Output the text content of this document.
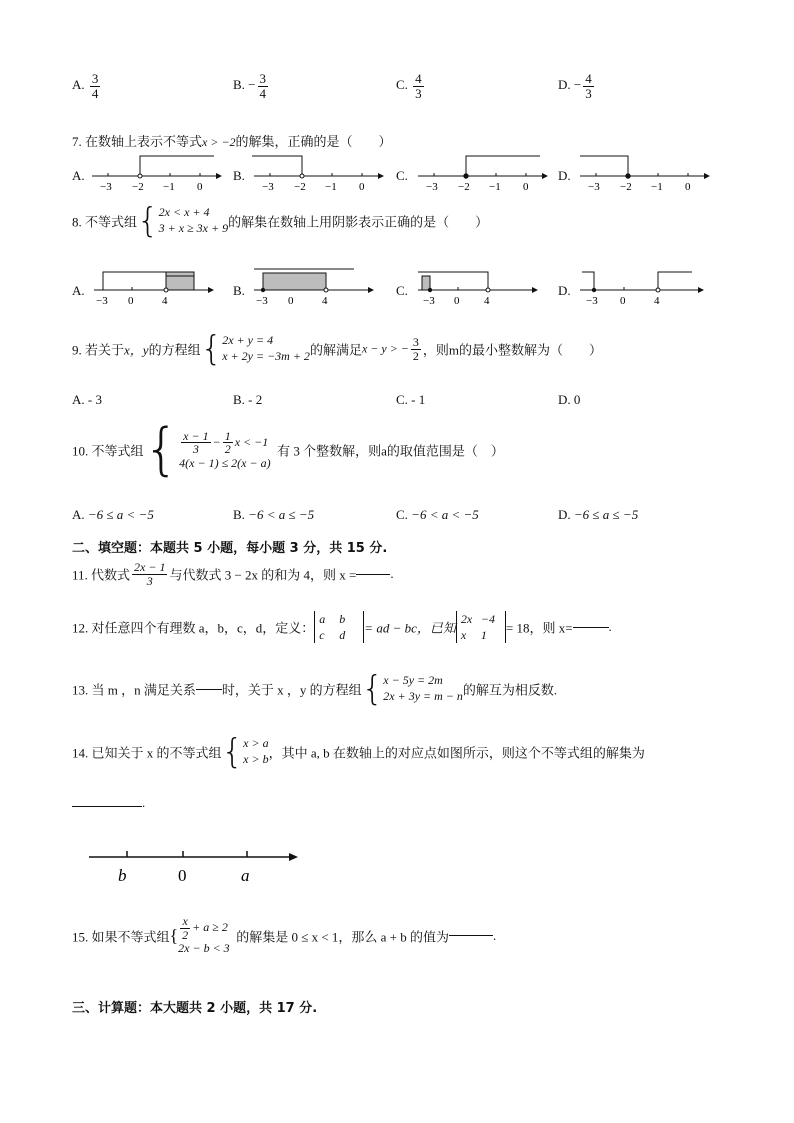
A. $\frac{3}{4}$	B. − $\frac{3}{4}$	C. $\frac{4}{3}$	D. − $\frac{4}{3}$
7. 在数轴上表示不等式x > −2的解集，正确的是（　　）
A.
−3 −2 −1 0
B.
−3 −2 −1 0
C.
−3 −2 −1 0
D.
−3 −2 −1 0
8. 不等式组{2x < x + 4
3 + x ≥ 3x + 9的解集在数轴上用阴影表示正确的是（　　）
A.
−3 0	4
B.
−3 0	4
C.
−3 0 4
D.
−3 0	4
9. 若关于x，y的方程组{2x + y = 4
x + 2y = −3m + 2的解满足x − y > − $\frac{3}{2}$ ，则m的最小整数解为（　　）
A. - 3	B. - 2	C. - 1	D. 0
10. 不等式组{ $\frac{x - 1}{3} - \frac{1}{2}$ x < −1
4(x − 1) ≤ 2(x − a)  有 3 个整数解，则a的取值范围是（　）
A. −6 ≤ a < −5	B. −6 < a ≤ −5	C. −6 < a < −5	D. −6 ≤ a ≤ −5
二、填空题：本题共 5 小题，每小题 3 分，共 15 分.
11. 代数式 $\frac{2x - 1}{3}$ 与代数式 3 − 2x 的和为 4，则 x =	.
12. 对任意四个有理数 a，b，c，d，定义：a b
c d = ad − bc，已知2x −4
x 1 = 18，则 x=	.
13. 当 m ，n 满足关系 时，关于 x ，y 的方程组{x − 5y = 2m
2x + 3y = m − n的解互为相反数.
14. 已知关于 x 的不等式组{x > a
x > b，其中 a, b 在数轴上的对应点如图所示，则这个不等式组的解集为
.
b	0	a
15. 如果不等式组{ $\frac{x}{2} + a \ge 2$
2x − b < 3  的解集是 0 ≤ x < 1，那么 a + b 的值为	.
三、计算题：本大题共 2 小题，共 17 分.
